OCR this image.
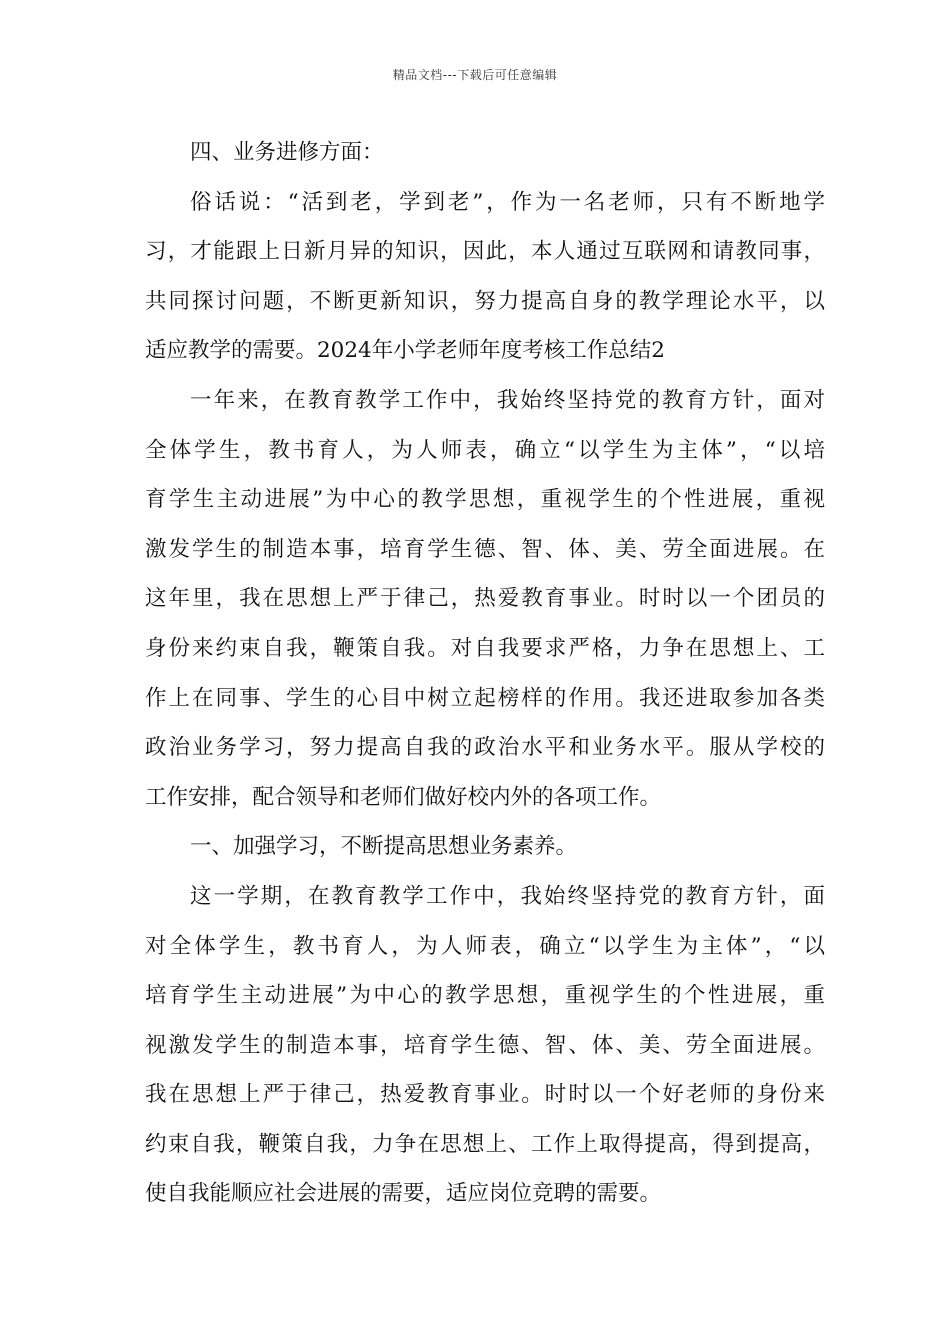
精品文档---下载后可任意编辑
四、业务进修方面：
俗话说：“活到老，学到老”，作为一名老师，只有不断地学
习，才能跟上日新月异的知识，因此，本人通过互联网和请教同事，
共同探讨问题，不断更新知识，努力提高自身的教学理论水平，以
适应教学的需要。2024年小学老师年度考核工作总结2
一年来，在教育教学工作中，我始终坚持党的教育方针，面对
全体学生，教书育人，为人师表，确立“以学生为主体”，“以培
育学生主动进展”为中心的教学思想，重视学生的个性进展，重视
激发学生的制造本事，培育学生德、智、体、美、劳全面进展。在
这年里，我在思想上严于律己，热爱教育事业。时时以一个团员的
身份来约束自我，鞭策自我。对自我要求严格，力争在思想上、工
作上在同事、学生的心目中树立起榜样的作用。我还进取参加各类
政治业务学习，努力提高自我的政治水平和业务水平。服从学校的
工作安排，配合领导和老师们做好校内外的各项工作。
一、加强学习，不断提高思想业务素养。
这一学期，在教育教学工作中，我始终坚持党的教育方针，面
对全体学生，教书育人，为人师表，确立“以学生为主体”，“以
培育学生主动进展”为中心的教学思想，重视学生的个性进展，重
视激发学生的制造本事，培育学生德、智、体、美、劳全面进展。
我在思想上严于律己，热爱教育事业。时时以一个好老师的身份来
约束自我，鞭策自我，力争在思想上、工作上取得提高，得到提高，
使自我能顺应社会进展的需要，适应岗位竞聘的需要。
